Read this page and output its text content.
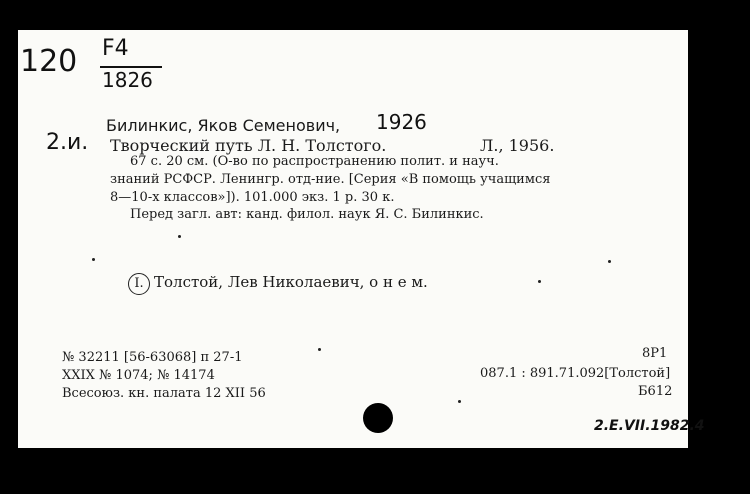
120 F4
1826
2.и.
Билинкис, Яков Семенович, 1926
Творческий путь Л. Н. Толстого.	Л., 1956.
67 с. 20 см. (О-во по распространению полит. и науч.
знаний РСФСР. Ленингр. отд-ние. [Серия «В помощь учащимся
8—10-х классов»]). 101.000 экз. 1 р. 30 к.
Перед загл. авт: канд. филол. наук Я. С. Билинкис.
I. Толстой, Лев Николаевич, о н е м.
№ 32211 [56-63068] п 27-1
XXIX № 1074; № 14174
Всесоюз. кн. палата 12 XII 56
8P1
087.1 : 891.71.092[Толстой]
Б612
2.Е.VII.1982.4
